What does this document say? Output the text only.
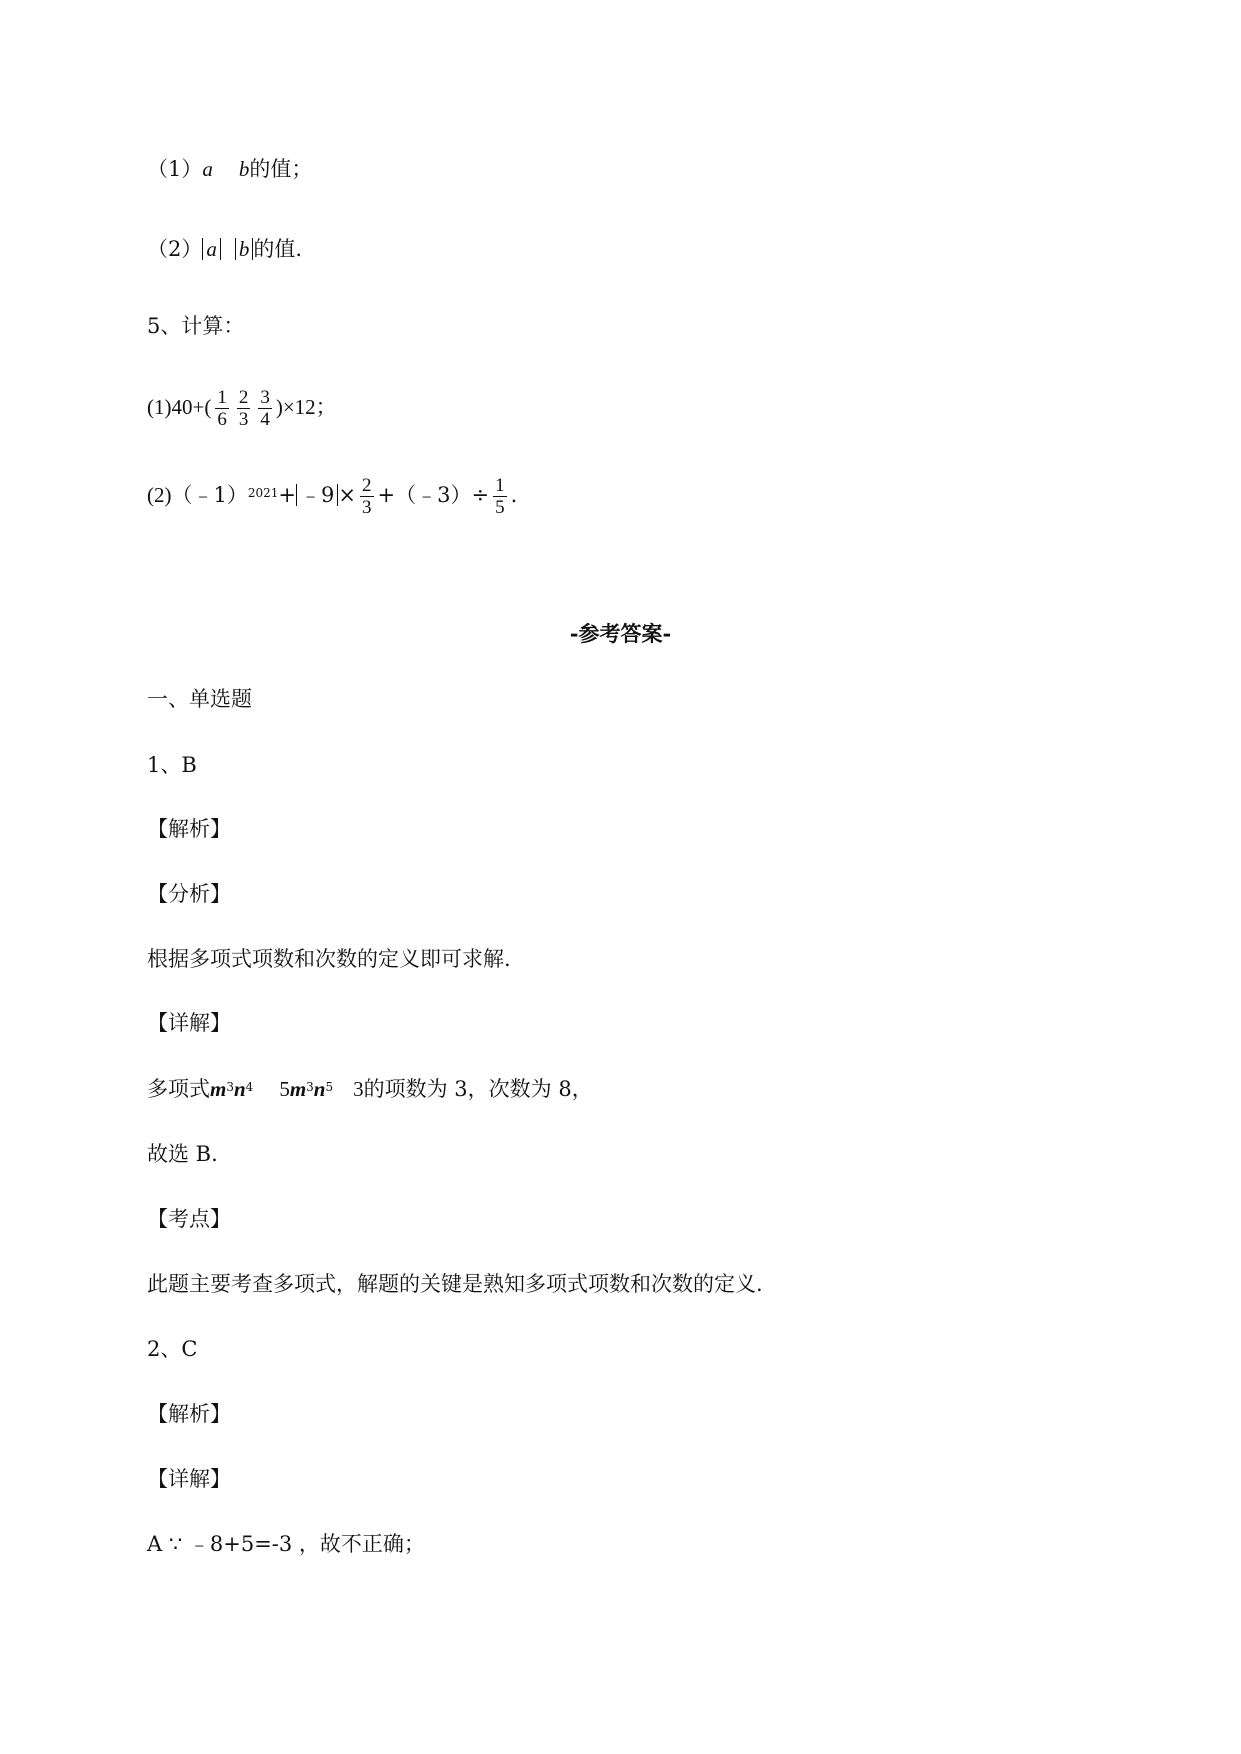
（1）a b的值；
（2） a b 的值.
5、计算：
$(1)40+( \frac{1}{6} \frac{2}{3} \frac{3}{4} )\times 12$；
(2)（﹣1）$^{2021}$+ ﹣9 × $\frac{2}{3}$ +（﹣3）÷ $\frac{1}{5}$ .
-参考答案-
一、单选题
1、B
【解析】
【分析】
根据多项式项数和次数的定义即可求解.
【详解】
多项式$m^3n^4$ $5m^3n^5$ 3的项数为 3，次数为 8，
故选 B.
【考点】
此题主要考查多项式，解题的关键是熟知多项式项数和次数的定义.
2、C
【解析】
【详解】
A ∵ ﹣8+5=-3 ，故不正确；
